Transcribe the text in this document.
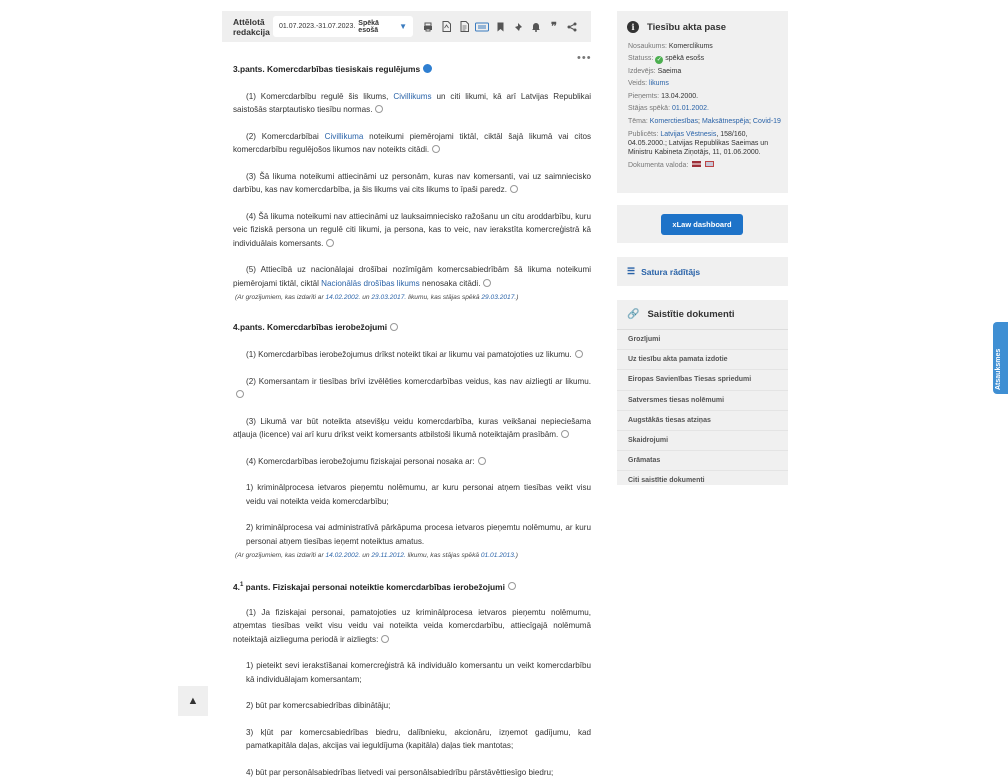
Attēlotā redakcija 01.07.2023.-31.07.2023. Spēkā esošā	▼	❞
•••
3.pants. Komercdarbības tiesiskais regulējums

(1) Komercdarbību regulē šis likums, Civillikums un citi likumi, kā arī Latvijas Republikai saistošās starptautisko tiesību normas.

(2) Komercdarbībai Civillikuma noteikumi piemērojami tiktāl, ciktāl šajā likumā vai citos komercdarbību regulējošos likumos nav noteikts citādi.

(3) Šā likuma noteikumi attiecināmi uz personām, kuras nav komersanti, vai uz saimnieciskо darbību, kas nav komercdarbība, ja šis likums vai cits likums to īpaši paredz.

(4) Šā likuma noteikumi nav attiecināmi uz lauksaimnieciskо ražošanu un citu aroddarbību, kuru veic fiziskā persona un regulē citi likumi, ja persona, kas to veic, nav ierakstīta komercreģistrā kā individuālais komersants.

(5) Attiecībā uz nacionālajai drošībai nozīmīgām komercsabiedrībām šā likuma noteikumi piemērojami tiktāl, ciktāl Nacionālās drošības likums nenosaka citādi.

(Ar grozījumiem, kas izdarīti ar 14.02.2002. un 23.03.2017. likumu, kas stājas spēkā 29.03.2017.)
4.pants. Komercdarbības ierobežojumi

(1) Komercdarbības ierobežojumus drīkst noteikt tikai ar likumu vai pamatojoties uz likumu.

(2) Komersantam ir tiesības brīvi izvēlēties komercdarbības veidus, kas nav aizliegti ar likumu.

(3) Likumā var būt noteikta atsevišķu veidu komercdarbība, kuras veikšanai nepieciešama atļauja (licence) vai arī kuru drīkst veikt komersants atbilstoši likumā noteiktajām prasībām.

(4) Komercdarbības ierobežojumu fiziskajai personai nosaka ar:

1) kriminālprocesa ietvaros pieņemtu nolēmumu, ar kuru personai atņem tiesības veikt visu veidu vai noteikta veida komercdarbību;

2) kriminālprocesa vai administratīvā pārkāpuma procesa ietvaros pieņemtu nolēmumu, ar kuru personai atņem tiesības ieņemt noteiktus amatus.

(Ar grozījumiem, kas izdarīti ar 14.02.2002. un 29.11.2012. likumu, kas stājas spēkā 01.01.2013.)
4.$^1$ pants. Fiziskajai personai noteiktie komercdarbības ierobežojumi

(1) Ja fiziskajai personai, pamatojoties uz kriminālprocesa ietvaros pieņemtu nolēmumu, atņemtas tiesības veikt visu veidu vai noteikta veida komercdarbību, attiecīgajā nolēmumā noteiktajā aizlieguma periodā ir aizliegts:

1) pieteikt sevi ierakstīšanai komercreģistrā kā individuālo komersantu un veikt komercdarbību kā individuālajam komersantam;

2) būt par komercsabiedrības dibinātāju;

3) kļūt par komercsabiedrības biedru, dalībnieku, akcionāru, izņemot gadījumu, kad pamatkapitāla daļas, akcijas vai ieguldījuma (kapitāla) daļas tiek mantotas;

4) būt par personālsabiedrības lietvedi vai personālsabiedrību pārstāvēttiesīgo biedru;

i	Tiesību akta pase
Nosaukums: Komerclikums
Statuss: ✓ spēkā esošs
Izdevējs: Saeima
Veids: likums
Pieņemts: 13.04.2000.
Stājas spēkā: 01.01.2002.
Tēma: Komerctiesības; Maksātnespēja; Covid-19
Publicēts: Latvijas Vēstnesis, 158/160, 04.05.2000.; Latvijas Republikas Saeimas un Ministru Kabineta Ziņotājs, 11, 01.06.2000.
Dokumenta valoda:
xLaw dashboard
☰ Satura rādītājs
🔗 Saistītie dokumenti
Grozījumi
Uz tiesību akta pamata izdotie
Eiropas Savienības Tiesas spriedumi
Satversmes tiesas nolēmumi
Augstākās tiesas atziņas
Skaidrojumi
Grāmatas
Citi saistītie dokumenti
Atsauksmes
▲
